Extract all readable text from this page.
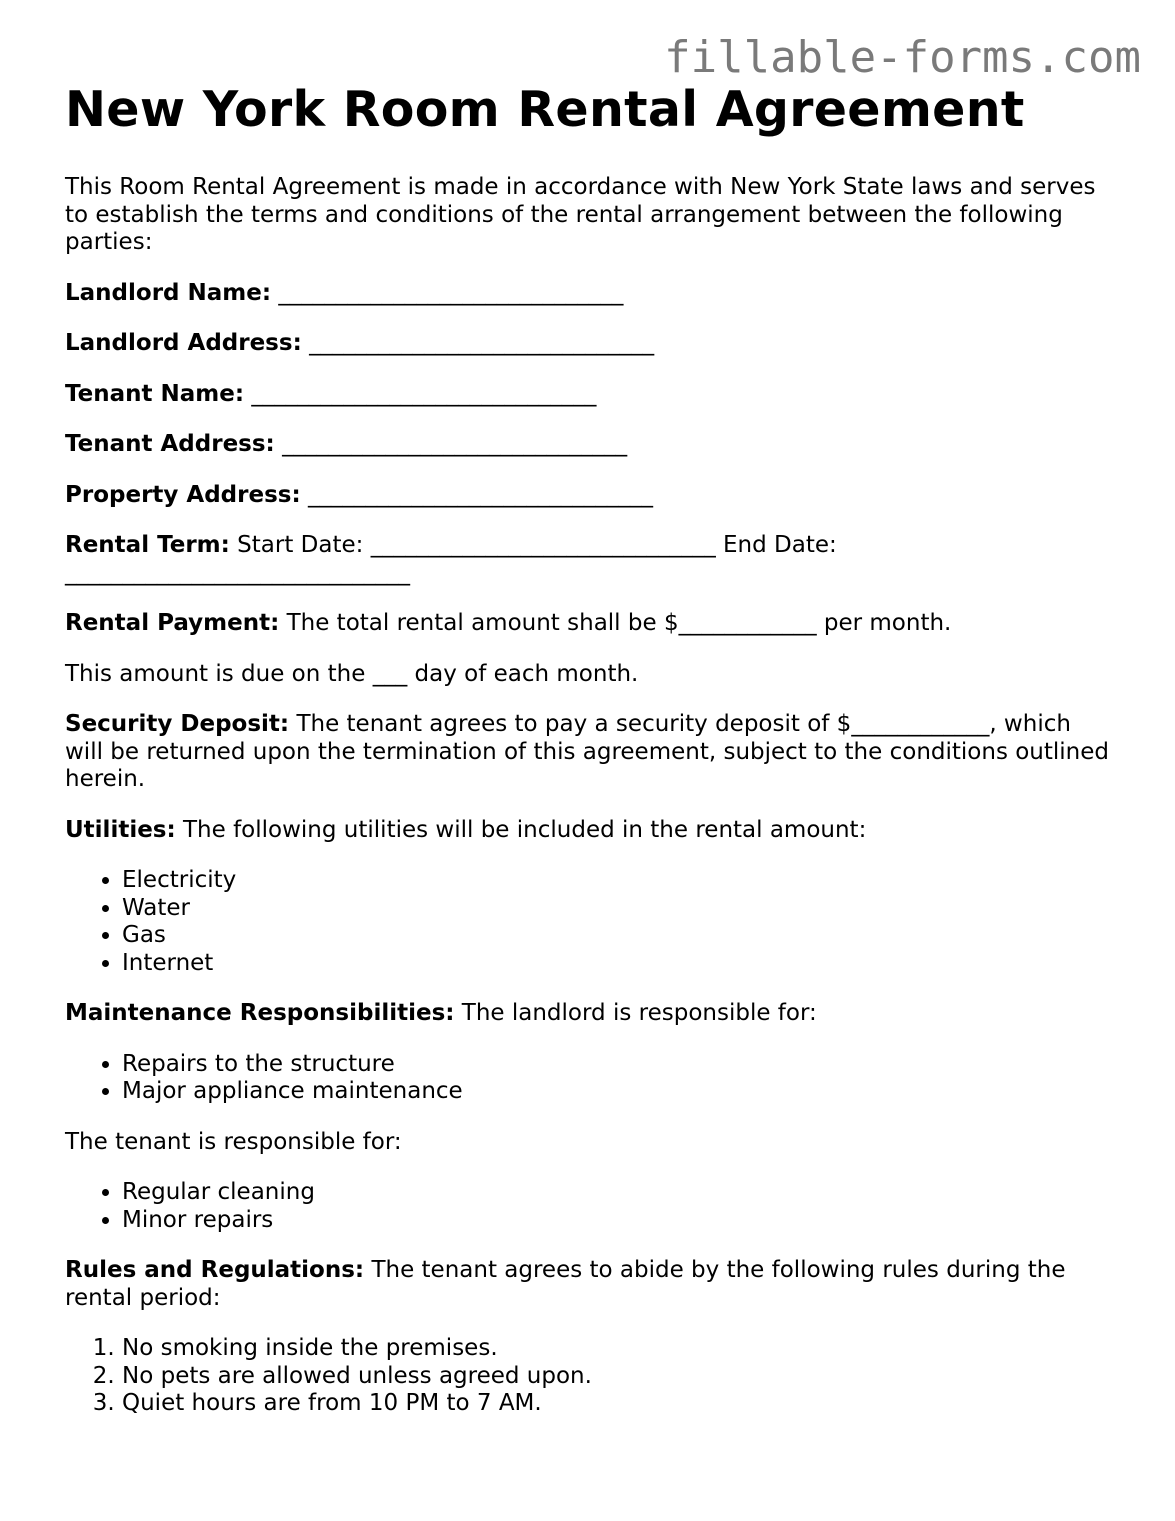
fillable-forms.com
New York Room Rental Agreement

This Room Rental Agreement is made in accordance with New York State laws and serves to establish the terms and conditions of the rental arrangement between the following parties:

Landlord Name: ______________________________

Landlord Address: ______________________________

Tenant Name: ______________________________

Tenant Address: ______________________________

Property Address: ______________________________

Rental Term: Start Date: ______________________________ End Date: ______________________________

Rental Payment: The total rental amount shall be $____________ per month.

This amount is due on the ___ day of each month.

Security Deposit: The tenant agrees to pay a security deposit of $____________, which will be returned upon the termination of this agreement, subject to the conditions outlined herein.

Utilities: The following utilities will be included in the rental amount:

• Electricity
• Water
• Gas
• Internet

Maintenance Responsibilities: The landlord is responsible for:

• Repairs to the structure
• Major appliance maintenance

The tenant is responsible for:

• Regular cleaning
• Minor repairs

Rules and Regulations: The tenant agrees to abide by the following rules during the rental period:

1. No smoking inside the premises.
2. No pets are allowed unless agreed upon.
3. Quiet hours are from 10 PM to 7 AM.
